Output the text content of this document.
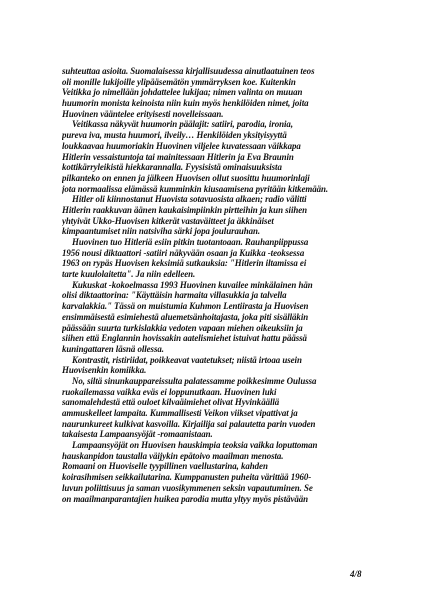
suhteuttaa asioita. Suomalaisessa kirjallisuudessa ainutlaatuinen teos
oli monille lukijoille ylipääsemätön ymmärryksen koe. Kuitenkin
Veitikka jo nimellään johdattelee lukijaa; nimen valinta on muuan
huumorin monista keinoista niin kuin myös henkilöiden nimet, joita
Huovinen vääntelee erityisesti novelleissaan.
Veitikassa näkyvät huumorin päälajit: satiiri, parodia, ironia,
pureva iva, musta huumori, ilveily… Henkilöiden yksityisyyttä
loukkaavaa huumoriakin Huovinen viljelee kuvatessaan väikkapa
Hitlerin vessaistuntoja tai mainitessaan Hitlerin ja Eva Braunin
kottikärryleikistä hiekkarannalla. Fyysisistä ominaisuuksista
pilkanteko on ennen ja jälkeen Huovisen ollut suosittu huumorinlaji
jota normaalissa elämässä kumminkin kiusaamisena pyritään kitkemään.
Hitler oli kiinnostanut Huovista sotavuosista alkaen; radio välitti
Hitlerin raakkuvan äänen kaukaisimpiinkin pirtteihin ja kun siihen
yhtyivät Ukko-Huovisen kitkerät vastaväitteet ja äkkinäiset
kimpaantumiset niin natsiviha särki jopa joulurauhan.
Huovinen tuo Hitleriä esiin pitkin tuotantoaan. Rauhanpiippussa
1956 nousi diktaattori -satiiri näkyvään osaan ja Kuikka -teoksessa
1963 on rypäs Huovisen keksimiä sutkauksia: "Hitlerin iltamissa ei
tarte kuulolaitetta". Ja niin edelleen.
Kukuskat -kokoelmassa 1993 Huovinen kuvailee minkälainen hän
olisi diktaattorina: "Käyttäisin harmaita villasukkia ja talvella
karvalakkia." Tässä on muistumia Kuhmon Lentiirasta ja Huovisen
ensimmäisestä esimiehestä aluemetsänhoitajasta, joka piti sisälläkin
päässään suurta turkislakkia vedoten vapaan miehen oikeuksiin ja
siihen että Englannin hovissakin aatelismiehet istuivat hattu päässä
kuningattaren läsnä ollessa.
Kontrastit, ristiriidat, poikkeavat vaatetukset; niistä irtoaa usein
Huovisenkin komiikka.
No, siltä sinunkauppareissulta palatessamme poikkesimme Oulussa
ruokailemassa vaikka eväs ei loppunutkaan. Huovinen luki
sanomalehdestä että ouloet kilvaäimiehet olivat Hyvinkäällä
ammuskelleet lampaita. Kummallisesti Veikon viikset vipattivat ja
naurunkureet kulkivat kasvoilla. Kirjailija sai palautetta parin vuoden
takaisesta Lampaansyöjät -romaanistaan.
Lampaansyöjät on Huovisen hauskimpia teoksia vaikka loputtoman
hauskanpidon taustalla väijykin epätoivo maailman menosta.
Romaani on Huoviselle tyypillinen vaellustarina, kahden
koirasihmisen seikkailutarina. Kumppanusten puheita värittää 1960-
luvun poliittisuus ja saman vuosikymmenen seksin vapautuminen. Se
on maailmanparantajien huikea parodia mutta yltyy myös pistävään
4/8
